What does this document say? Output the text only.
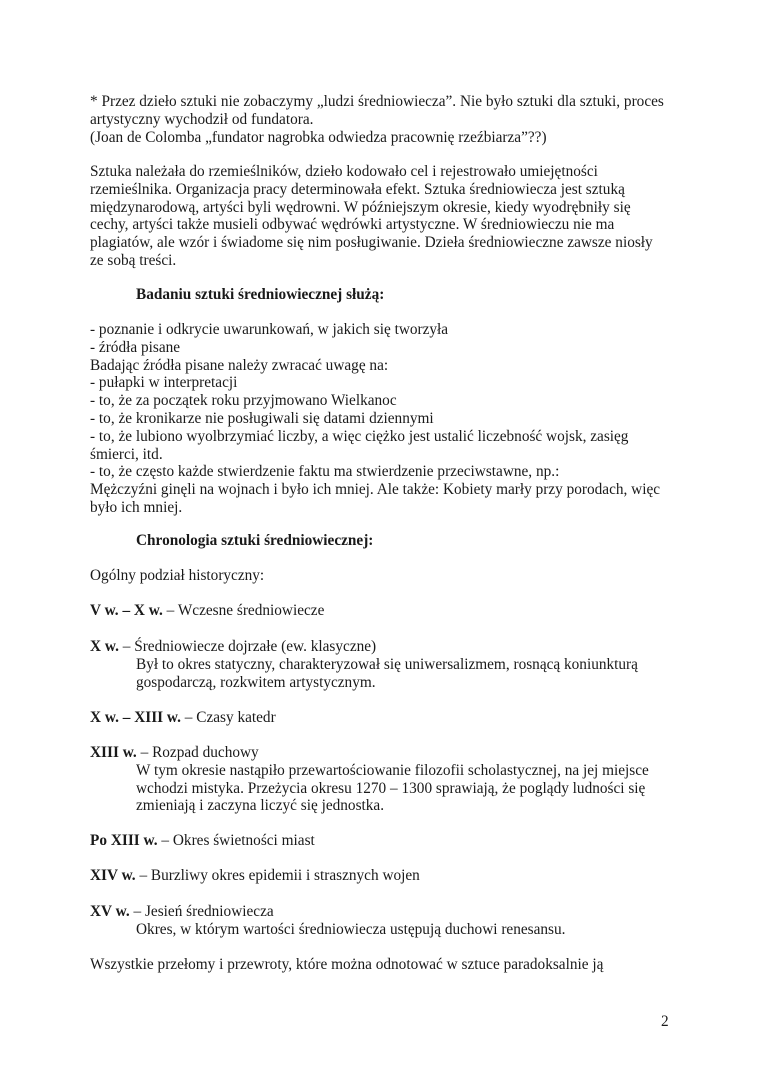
* Przez dzieło sztuki nie zobaczymy „ludzi średniowiecza”. Nie było sztuki dla sztuki, proces
artystyczny wychodził od fundatora.
(Joan de Colomba „fundator nagrobka odwiedza pracownię rzeźbiarza”??)
Sztuka należała do rzemieślników, dzieło kodowało cel i rejestrowało umiejętności
rzemieślnika. Organizacja pracy determinowała efekt. Sztuka średniowiecza jest sztuką
międzynarodową, artyści byli wędrowni. W późniejszym okresie, kiedy wyodrębniły się
cechy, artyści także musieli odbywać wędrówki artystyczne. W średniowieczu nie ma
plagiatów, ale wzór i świadome się nim posługiwanie. Dzieła średniowieczne zawsze niosły
ze sobą treści.
Badaniu sztuki średniowiecznej służą:
- poznanie i odkrycie uwarunkowań, w jakich się tworzyła
- źródła pisane
Badając źródła pisane należy zwracać uwagę na:
- pułapki w interpretacji
- to, że za początek roku przyjmowano Wielkanoc
- to, że kronikarze nie posługiwali się datami dziennymi
- to, że lubiono wyolbrzymiać liczby, a więc ciężko jest ustalić liczebność wojsk, zasięg
śmierci, itd.
- to, że często każde stwierdzenie faktu ma stwierdzenie przeciwstawne, np.:
Mężczyźni ginęli na wojnach i było ich mniej. Ale także: Kobiety marły przy porodach, więc
było ich mniej.
Chronologia sztuki średniowiecznej:
Ogólny podział historyczny:
V w. – X w. – Wczesne średniowiecze
X w. – Średniowiecze dojrzałe (ew. klasyczne)
Był to okres statyczny, charakteryzował się uniwersalizmem, rosnącą koniunkturą
gospodarczą, rozkwitem artystycznym.
X w. – XIII w. – Czasy katedr
XIII w. – Rozpad duchowy
W tym okresie nastąpiło przewartościowanie filozofii scholastycznej, na jej miejsce
wchodzi mistyka. Przeżycia okresu 1270 – 1300 sprawiają, że poglądy ludności się
zmieniają i zaczyna liczyć się jednostka.
Po XIII w. – Okres świetności miast
XIV w. – Burzliwy okres epidemii i strasznych wojen
XV w. – Jesień średniowiecza
Okres, w którym wartości średniowiecza ustępują duchowi renesansu.
Wszystkie przełomy i przewroty, które można odnotować w sztuce paradoksalnie ją
2
